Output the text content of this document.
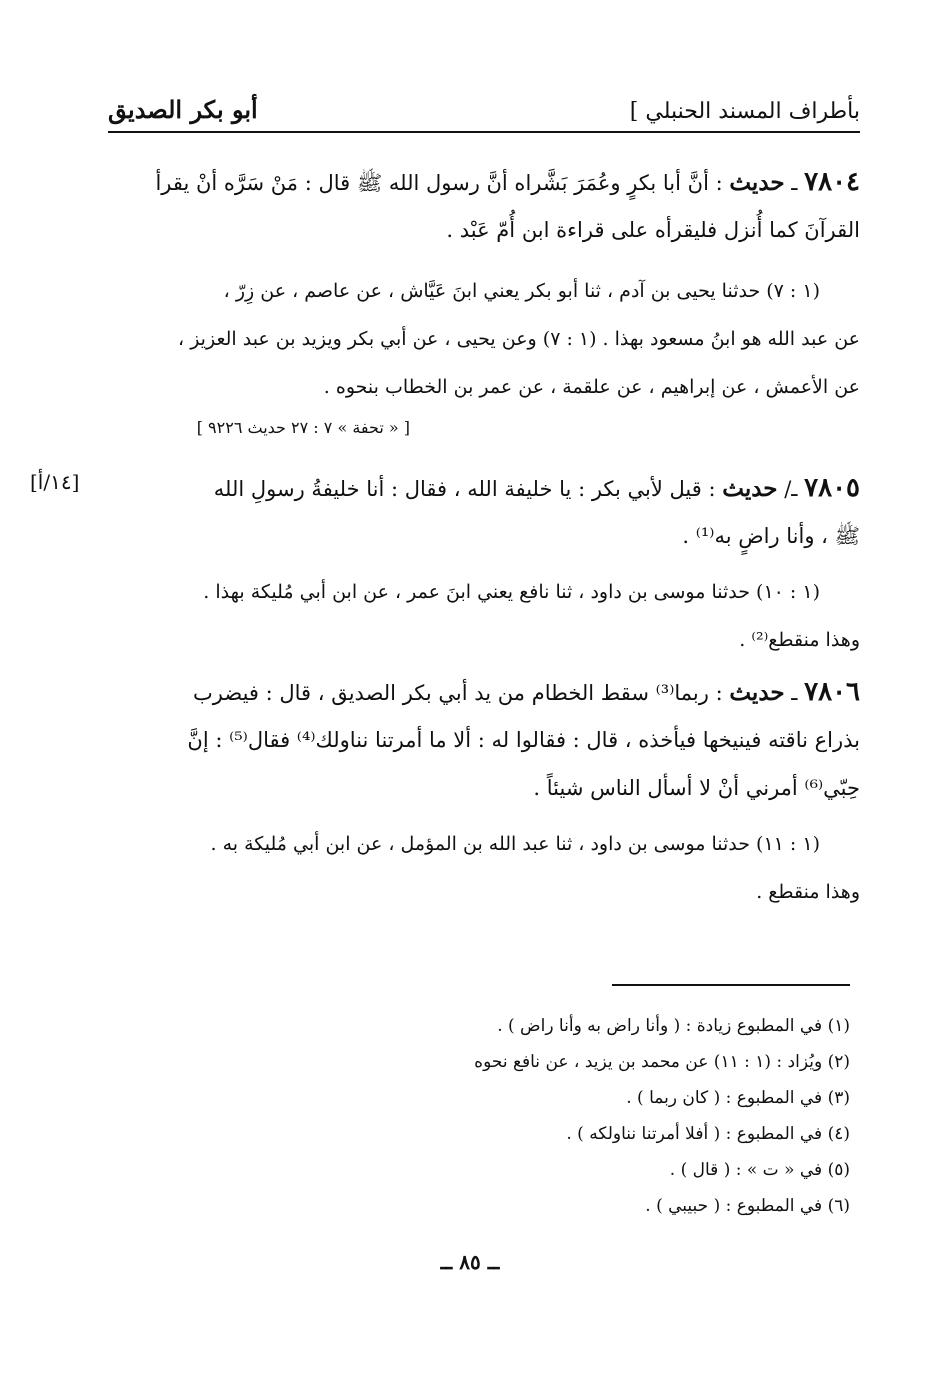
بأطراف المسند الحنبلي ]
أبو بكر الصديق
٧٨٠٤ ـ حديث : أنَّ أبا بكرٍ وعُمَرَ بَشَّراه أنَّ رسول الله ﷺ قال : مَنْ سَرَّه أنْ يقرأ
القرآنَ كما أُنزل فليقرأه على قراءة ابن أُمّ عَبْد .
(١ : ٧) حدثنا يحيى بن آدم ، ثنا أبو بكر يعني ابنَ عَيَّاش ، عن عاصم ، عن زِرّ ،
عن عبد الله هو ابنُ مسعود بهذا . (١ : ٧) وعن يحيى ، عن أبي بكر ويزيد بن عبد العزيز ،
عن الأعمش ، عن إبراهيم ، عن علقمة ، عن عمر بن الخطاب بنحوه .
[ « تحفة » ٧ : ٢٧ حديث ٩٢٢٦ ]
[١٤/أ]	٧٨٠٥ ـ/ حديث : قيل لأبي بكر : يا خليفة الله ، فقال : أنا خليفةُ رسولِ الله
ﷺ ، وأنا راضٍ به⁽¹⁾ .
(١ : ١٠) حدثنا موسى بن داود ، ثنا نافع يعني ابنَ عمر ، عن ابن أبي مُليكة بهذا .
وهذا منقطع⁽²⁾ .
٧٨٠٦ ـ حديث : ربما⁽³⁾ سقط الخطام من يد أبي بكر الصديق ، قال : فيضرب
بذراع ناقته فينيخها فيأخذه ، قال : فقالوا له : ألا ما أمرتنا نناولك⁽⁴⁾ فقال⁽⁵⁾ : إنَّ
حِبّي⁽⁶⁾ أمرني أنْ لا أسأل الناس شيئاً .
(١ : ١١) حدثنا موسى بن داود ، ثنا عبد الله بن المؤمل ، عن ابن أبي مُليكة به .
وهذا منقطع .
(١) في المطبوع زيادة : ( وأنا راض به وأنا راض ) .
(٢) ويُزاد : (١ : ١١) عن محمد بن يزيد ، عن نافع نحوه
(٣) في المطبوع : ( كان ربما ) .
(٤) في المطبوع : ( أفلا أمرتنا نناولكه ) .
(٥) في « ت » : ( قال ) .
(٦) في المطبوع : ( حبيبي ) .
ــ ٨٥ ــ
